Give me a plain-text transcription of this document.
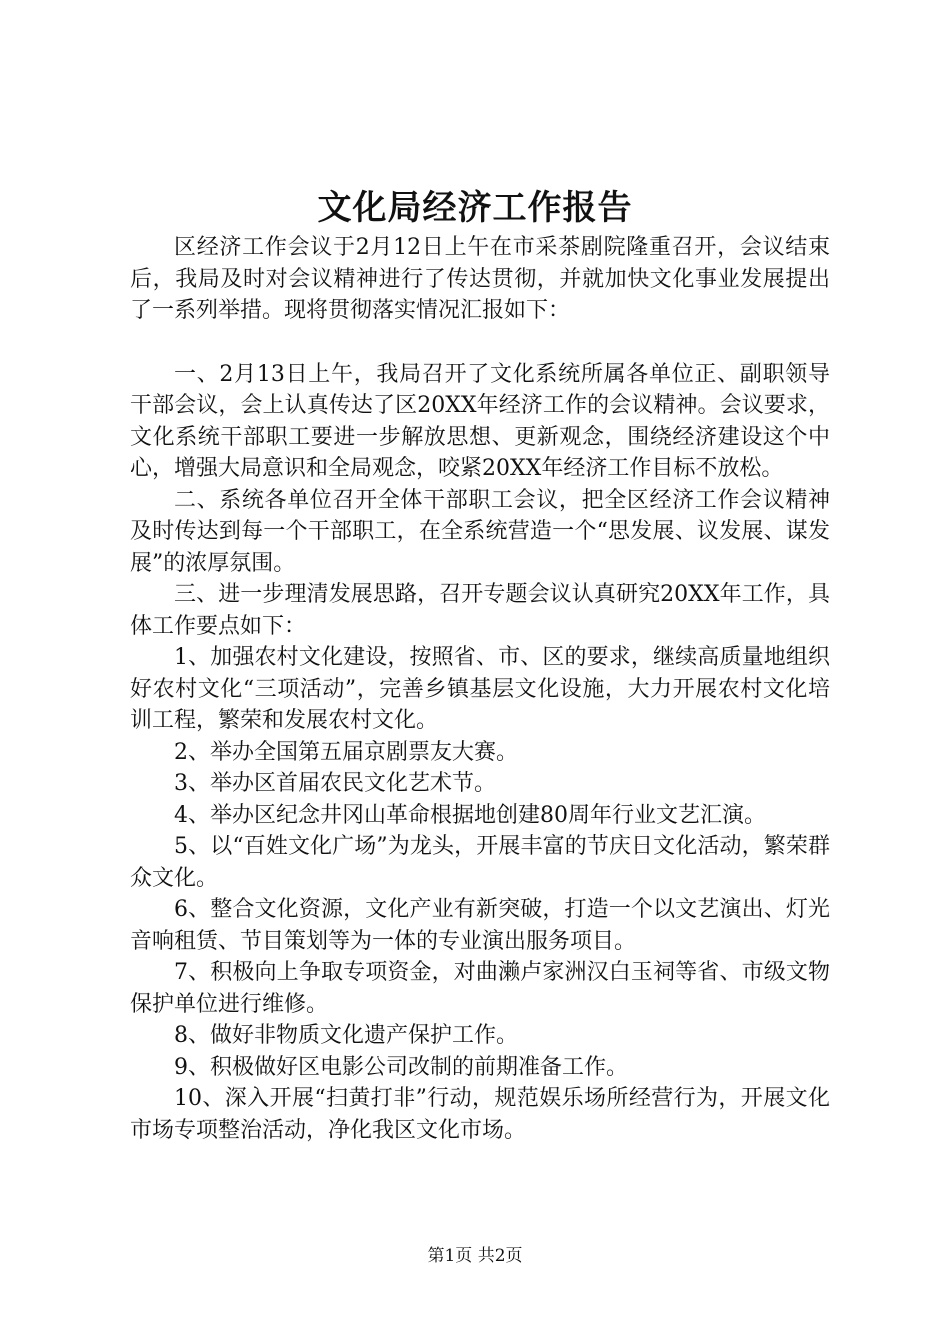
文化局经济工作报告

区经济工作会议于2月12日上午在市采茶剧院隆重召开，会议结束后，我局及时对会议精神进行了传达贯彻，并就加快文化事业发展提出了一系列举措。现将贯彻落实情况汇报如下：

一、2月13日上午，我局召开了文化系统所属各单位正、副职领导干部会议，会上认真传达了区20XX年经济工作的会议精神。会议要求，文化系统干部职工要进一步解放思想、更新观念，围绕经济建设这个中心，增强大局意识和全局观念，咬紧20XX年经济工作目标不放松。

二、系统各单位召开全体干部职工会议，把全区经济工作会议精神及时传达到每一个干部职工，在全系统营造一个“思发展、议发展、谋发展”的浓厚氛围。

三、进一步理清发展思路，召开专题会议认真研究20XX年工作，具体工作要点如下：

1、加强农村文化建设，按照省、市、区的要求，继续高质量地组织好农村文化“三项活动”，完善乡镇基层文化设施，大力开展农村文化培训工程，繁荣和发展农村文化。

2、举办全国第五届京剧票友大赛。

3、举办区首届农民文化艺术节。

4、举办区纪念井冈山革命根据地创建80周年行业文艺汇演。

5、以“百姓文化广场”为龙头，开展丰富的节庆日文化活动，繁荣群众文化。

6、整合文化资源，文化产业有新突破，打造一个以文艺演出、灯光音响租赁、节目策划等为一体的专业演出服务项目。

7、积极向上争取专项资金，对曲濑卢家洲汉白玉祠等省、市级文物保护单位进行维修。

8、做好非物质文化遗产保护工作。

9、积极做好区电影公司改制的前期准备工作。

10、深入开展“扫黄打非”行动，规范娱乐场所经营行为，开展文化市场专项整治活动，净化我区文化市场。

第1页 共2页
